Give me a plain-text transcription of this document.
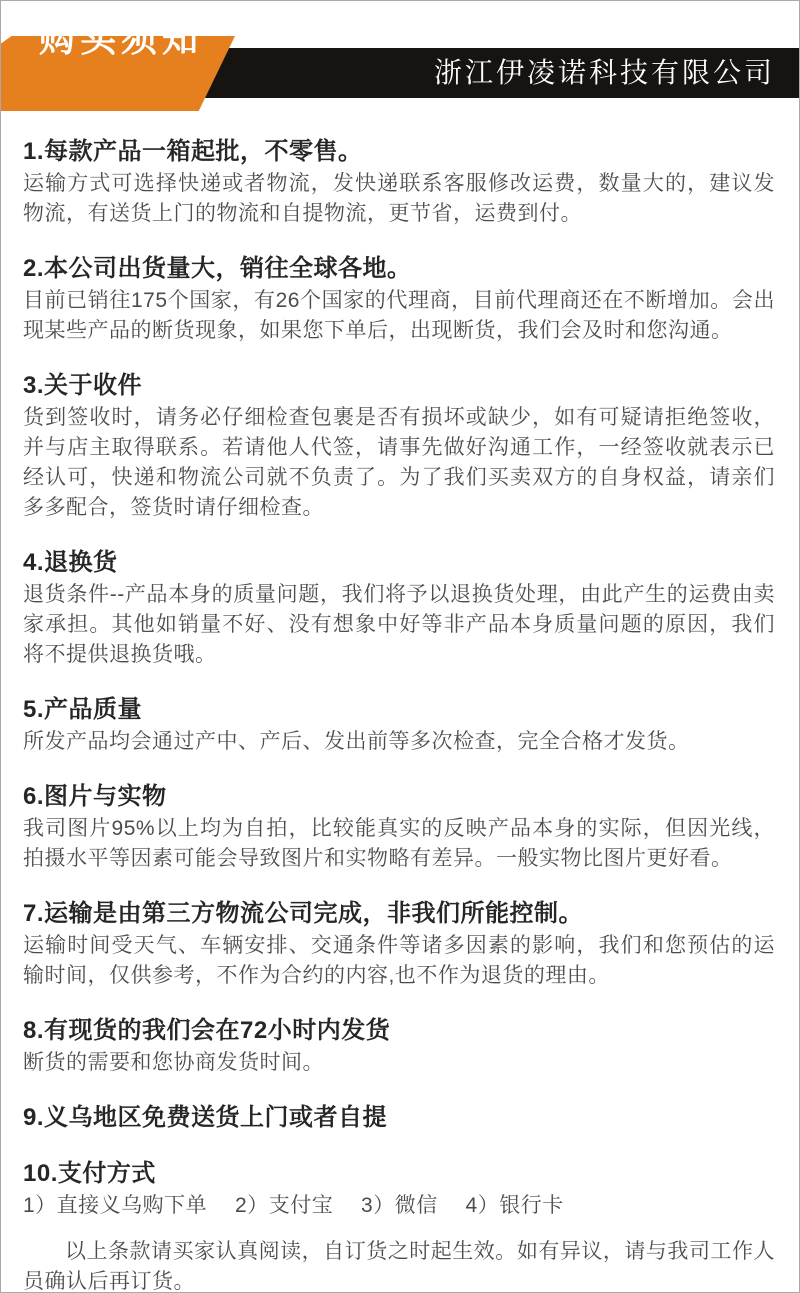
浙江伊凌诺科技有限公司
购买须知
1.每款产品一箱起批，不零售。

运输方式可选择快递或者物流，发快递联系客服修改运费，数量大的，建议发物流，有送货上门的物流和自提物流，更节省，运费到付。

2.本公司出货量大，销往全球各地。

目前已销往175个国家，有26个国家的代理商，目前代理商还在不断增加。会出现某些产品的断货现象，如果您下单后，出现断货，我们会及时和您沟通。

3.关于收件

货到签收时，请务必仔细检查包裹是否有损坏或缺少，如有可疑请拒绝签收，并与店主取得联系。若请他人代签，请事先做好沟通工作，一经签收就表示已经认可，快递和物流公司就不负责了。为了我们买卖双方的自身权益，请亲们多多配合，签货时请仔细检查。

4.退换货

退货条件--产品本身的质量问题，我们将予以退换货处理，由此产生的运费由卖家承担。其他如销量不好、没有想象中好等非产品本身质量问题的原因，我们将不提供退换货哦。

5.产品质量

所发产品均会通过产中、产后、发出前等多次检查，完全合格才发货。

6.图片与实物

我司图片95%以上均为自拍，比较能真实的反映产品本身的实际，但因光线，拍摄水平等因素可能会导致图片和实物略有差异。一般实物比图片更好看。

7.运输是由第三方物流公司完成，非我们所能控制。

运输时间受天气、车辆安排、交通条件等诸多因素的影响，我们和您预估的运输时间，仅供参考，不作为合约的内容,也不作为退货的理由。

8.有现货的我们会在72小时内发货

断货的需要和您协商发货时间。

9.义乌地区免费送货上门或者自提
10.支付方式

1）直接义乌购下单　 2）支付宝　 3）微信　 4）银行卡

以上条款请买家认真阅读，自订货之时起生效。如有异议，请与我司工作人员确认后再订货。
